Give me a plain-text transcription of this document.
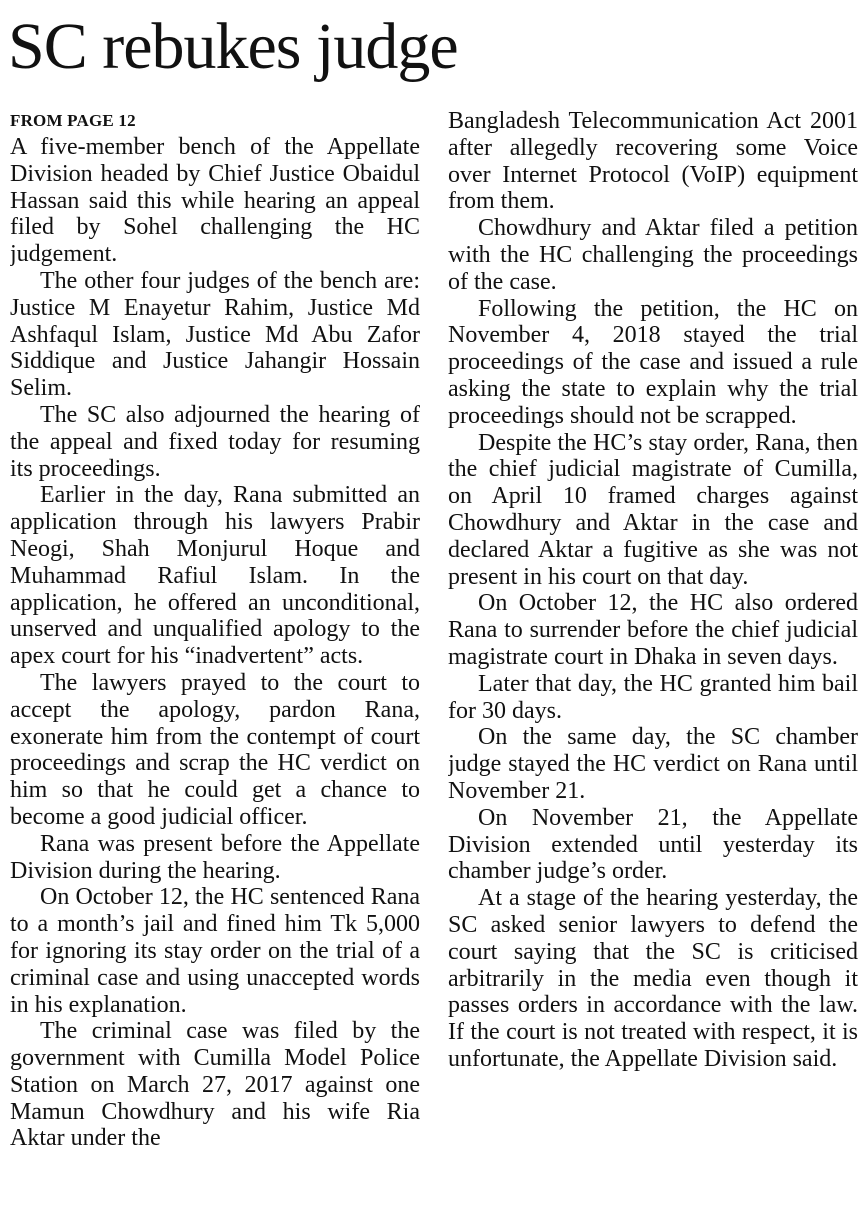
SC rebukes judge

FROM PAGE 12

A five-member bench of the Appellate Division headed by Chief Justice Obaidul Hassan said this while hearing an appeal filed by Sohel challenging the HC judgement.

The other four judges of the bench are: Justice M Enayetur Rahim, Justice Md Ashfaqul Islam, Justice Md Abu Zafor Siddique and Justice Jahangir Hossain Selim.

The SC also adjourned the hearing of the appeal and fixed today for resuming its proceedings.

Earlier in the day, Rana submitted an application through his lawyers Prabir Neogi, Shah Monjurul Hoque and Muhammad Rafiul Islam. In the application, he offered an unconditional, unserved and unqualified apology to the apex court for his “inadvertent” acts.

The lawyers prayed to the court to accept the apology, pardon Rana, exonerate him from the contempt of court proceedings and scrap the HC verdict on him so that he could get a chance to become a good judicial officer.

Rana was present before the Appellate Division during the hearing.

On October 12, the HC sentenced Rana to a month’s jail and fined him Tk 5,000 for ignoring its stay order on the trial of a criminal case and using unaccepted words in his explanation.

The criminal case was filed by the government with Cumilla Model Police Station on March 27, 2017 against one Mamun Chowdhury and his wife Ria Aktar under the

Bangladesh Telecommunication Act 2001 after allegedly recovering some Voice over Internet Protocol (VoIP) equipment from them.

Chowdhury and Aktar filed a petition with the HC challenging the proceedings of the case.

Following the petition, the HC on November 4, 2018 stayed the trial proceedings of the case and issued a rule asking the state to explain why the trial proceedings should not be scrapped.

Despite the HC’s stay order, Rana, then the chief judicial magistrate of Cumilla, on April 10 framed charges against Chowdhury and Aktar in the case and declared Aktar a fugitive as she was not present in his court on that day.

On October 12, the HC also ordered Rana to surrender before the chief judicial magistrate court in Dhaka in seven days.

Later that day, the HC granted him bail for 30 days.

On the same day, the SC chamber judge stayed the HC verdict on Rana until November 21.

On November 21, the Appellate Division extended until yesterday its chamber judge’s order.

At a stage of the hearing yesterday, the SC asked senior lawyers to defend the court saying that the SC is criticised arbitrarily in the media even though it passes orders in accordance with the law. If the court is not treated with respect, it is unfortunate, the Appellate Division said.
